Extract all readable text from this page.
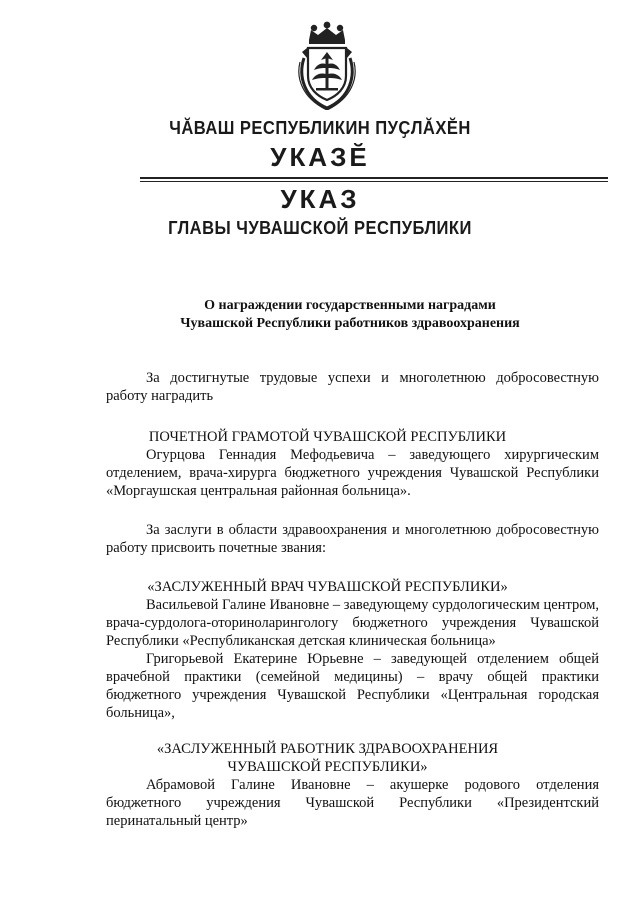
ЧӐВАШ РЕСПУБЛИКИН ПУҪЛӐХӖН
УКАЗӖ
УКАЗ
ГЛАВЫ ЧУВАШСКОЙ РЕСПУБЛИКИ
О награждении государственными наградами
Чувашской Республики работников здравоохранения

За достигнутые трудовые успехи и многолетнюю добросовестную работу наградить

ПОЧЕТНОЙ ГРАМОТОЙ ЧУВАШСКОЙ РЕСПУБЛИКИ

Огурцова Геннадия Мефодьевича – заведующего хирургическим отделением, врача-хирурга бюджетного учреждения Чувашской Республики «Моргаушская центральная районная больница».

За заслуги в области здравоохранения и многолетнюю добросовестную работу присвоить почетные звания:

«ЗАСЛУЖЕННЫЙ ВРАЧ ЧУВАШСКОЙ РЕСПУБЛИКИ»

Васильевой Галине Ивановне – заведующему сурдологическим центром, врача-сурдолога-оториноларингологу бюджетного учреждения Чувашской Республики «Республиканская детская клиническая больница»

Григорьевой Екатерине Юрьевне – заведующей отделением общей врачебной практики (семейной медицины) – врачу общей практики бюджетного учреждения Чувашской Республики «Центральная городская больница»,

«ЗАСЛУЖЕННЫЙ РАБОТНИК ЗДРАВООХРАНЕНИЯ

ЧУВАШСКОЙ РЕСПУБЛИКИ»

Абрамовой Галине Ивановне – акушерке родового отделения бюджетного учреждения Чувашской Республики «Президентский перинатальный центр»
